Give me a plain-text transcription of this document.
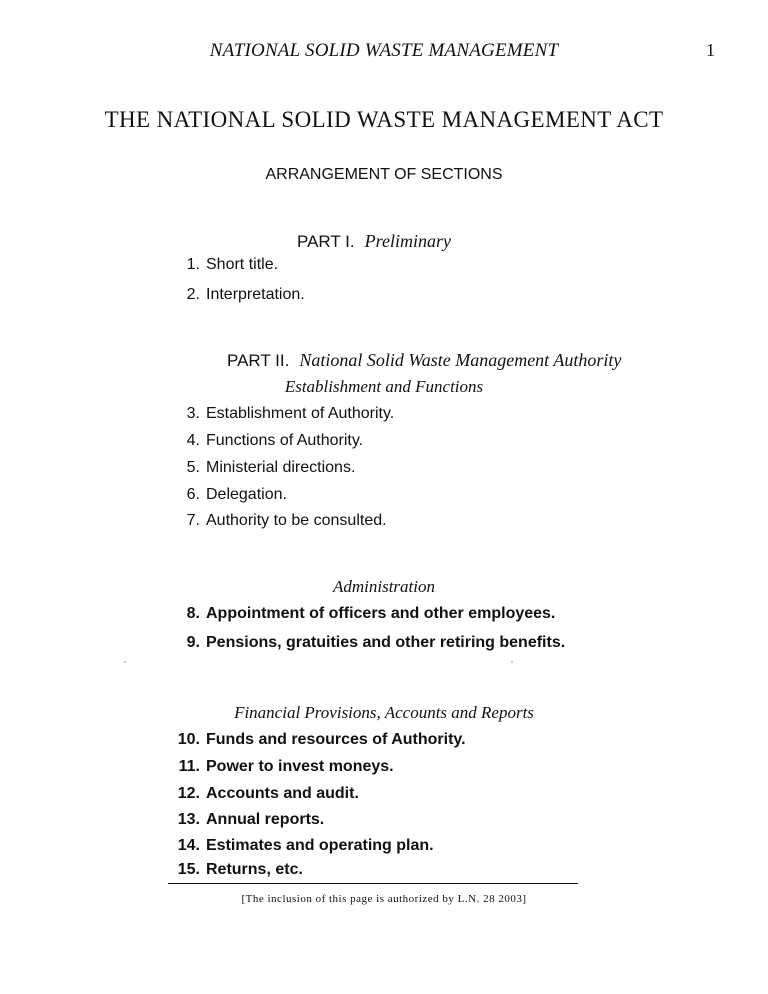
NATIONAL SOLID WASTE MANAGEMENT	1
THE NATIONAL SOLID WASTE MANAGEMENT ACT
ARRANGEMENT OF SECTIONS
PART I. Preliminary
1. Short title.
2. Interpretation.
PART II. National Solid Waste Management Authority
Establishment and Functions
3. Establishment of Authority.
4. Functions of Authority.
5. Ministerial directions.
6. Delegation.
7. Authority to be consulted.
Administration
8. Appointment of officers and other employees.
9. Pensions, gratuities and other retiring benefits.
Financial Provisions, Accounts and Reports
10. Funds and resources of Authority.
11. Power to invest moneys.
12. Accounts and audit.
13. Annual reports.
14. Estimates and operating plan.
15. Returns, etc.
[The inclusion of this page is authorized by L.N. 28 2003]
